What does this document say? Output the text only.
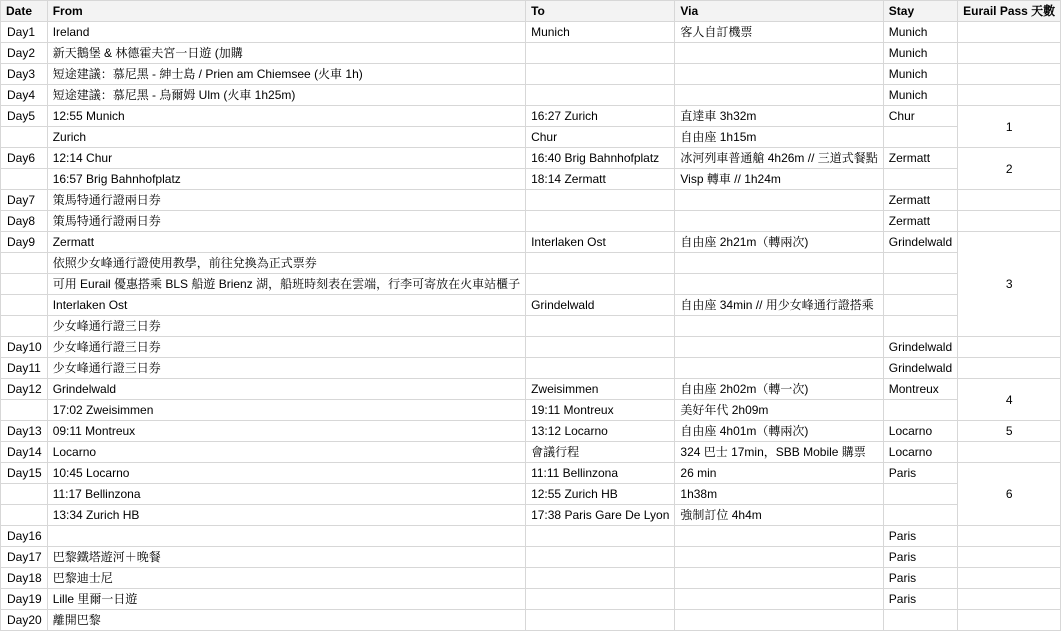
Date	From	To	Via	Stay	Eurail Pass 天數
Day1	Ireland	Munich	客人自訂機票	Munich	
Day2	新天鵝堡 & 林德霍夫宮一日遊 (加購			Munich	
Day3	短途建議：慕尼黑 - 紳士島 / Prien am Chiemsee (火車 1h)			Munich	
Day4	短途建議：慕尼黑 - 烏爾姆 Ulm (火車 1h25m)			Munich	
Day5	12:55 Munich	16:27 Zurich	直達車 3h32m	Chur	1
	Zurich	Chur	自由座 1h15m		
Day6	12:14 Chur	16:40 Brig Bahnhofplatz	冰河列車普通艙 4h26m // 三道式餐點	Zermatt	2
	16:57 Brig Bahnhofplatz	18:14 Zermatt	Visp 轉車 // 1h24m		
Day7	策馬特通行證兩日券			Zermatt	
Day8	策馬特通行證兩日券			Zermatt	
Day9	Zermatt	Interlaken Ost	自由座 2h21m（轉兩次)	Grindelwald	3
	依照少女峰通行證使用教學，前往兌換為正式票券				
	可用 Eurail 優惠搭乘 BLS 船遊 Brienz 湖，船班時刻表在雲端，行李可寄放在火車站櫃子				
	Interlaken Ost	Grindelwald	自由座 34min // 用少女峰通行證搭乘		
	少女峰通行證三日券				
Day10	少女峰通行證三日券			Grindelwald	
Day11	少女峰通行證三日券			Grindelwald	
Day12	Grindelwald	Zweisimmen	自由座 2h02m（轉一次)	Montreux	4
	17:02 Zweisimmen	19:11 Montreux	美好年代 2h09m		
Day13	09:11 Montreux	13:12 Locarno	自由座 4h01m（轉兩次)	Locarno	5
Day14	Locarno	會議行程	324 巴士 17min，SBB Mobile 購票	Locarno	
Day15	10:45 Locarno	11:11 Bellinzona	26 min	Paris	6
	11:17 Bellinzona	12:55 Zurich HB	1h38m		
	13:34 Zurich HB	17:38 Paris Gare De Lyon	強制訂位 4h4m		
Day16				Paris	
Day17	巴黎鐵塔遊河＋晚餐			Paris	
Day18	巴黎迪士尼			Paris	
Day19	Lille 里爾一日遊			Paris	
Day20	離開巴黎				
